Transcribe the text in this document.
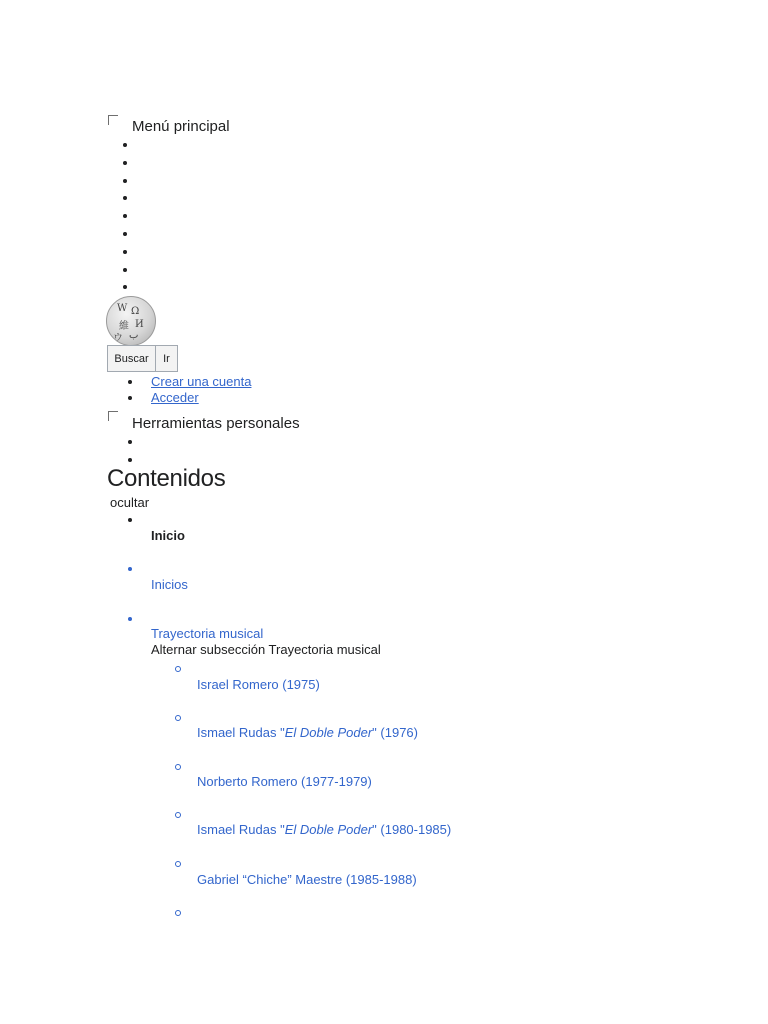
Menú principal
W Ω
維 И
ウ ب
Buscar Ir
Crear una cuenta
Acceder
Herramientas personales
Contenidos
ocultar
Inicio
Inicios
Trayectoria musical
Alternar subsección Trayectoria musical
Israel Romero (1975)
Ismael Rudas "El Doble Poder" (1976)
Norberto Romero (1977-1979)
Ismael Rudas "El Doble Poder" (1980-1985)
Gabriel “Chiche” Maestre (1985-1988)
